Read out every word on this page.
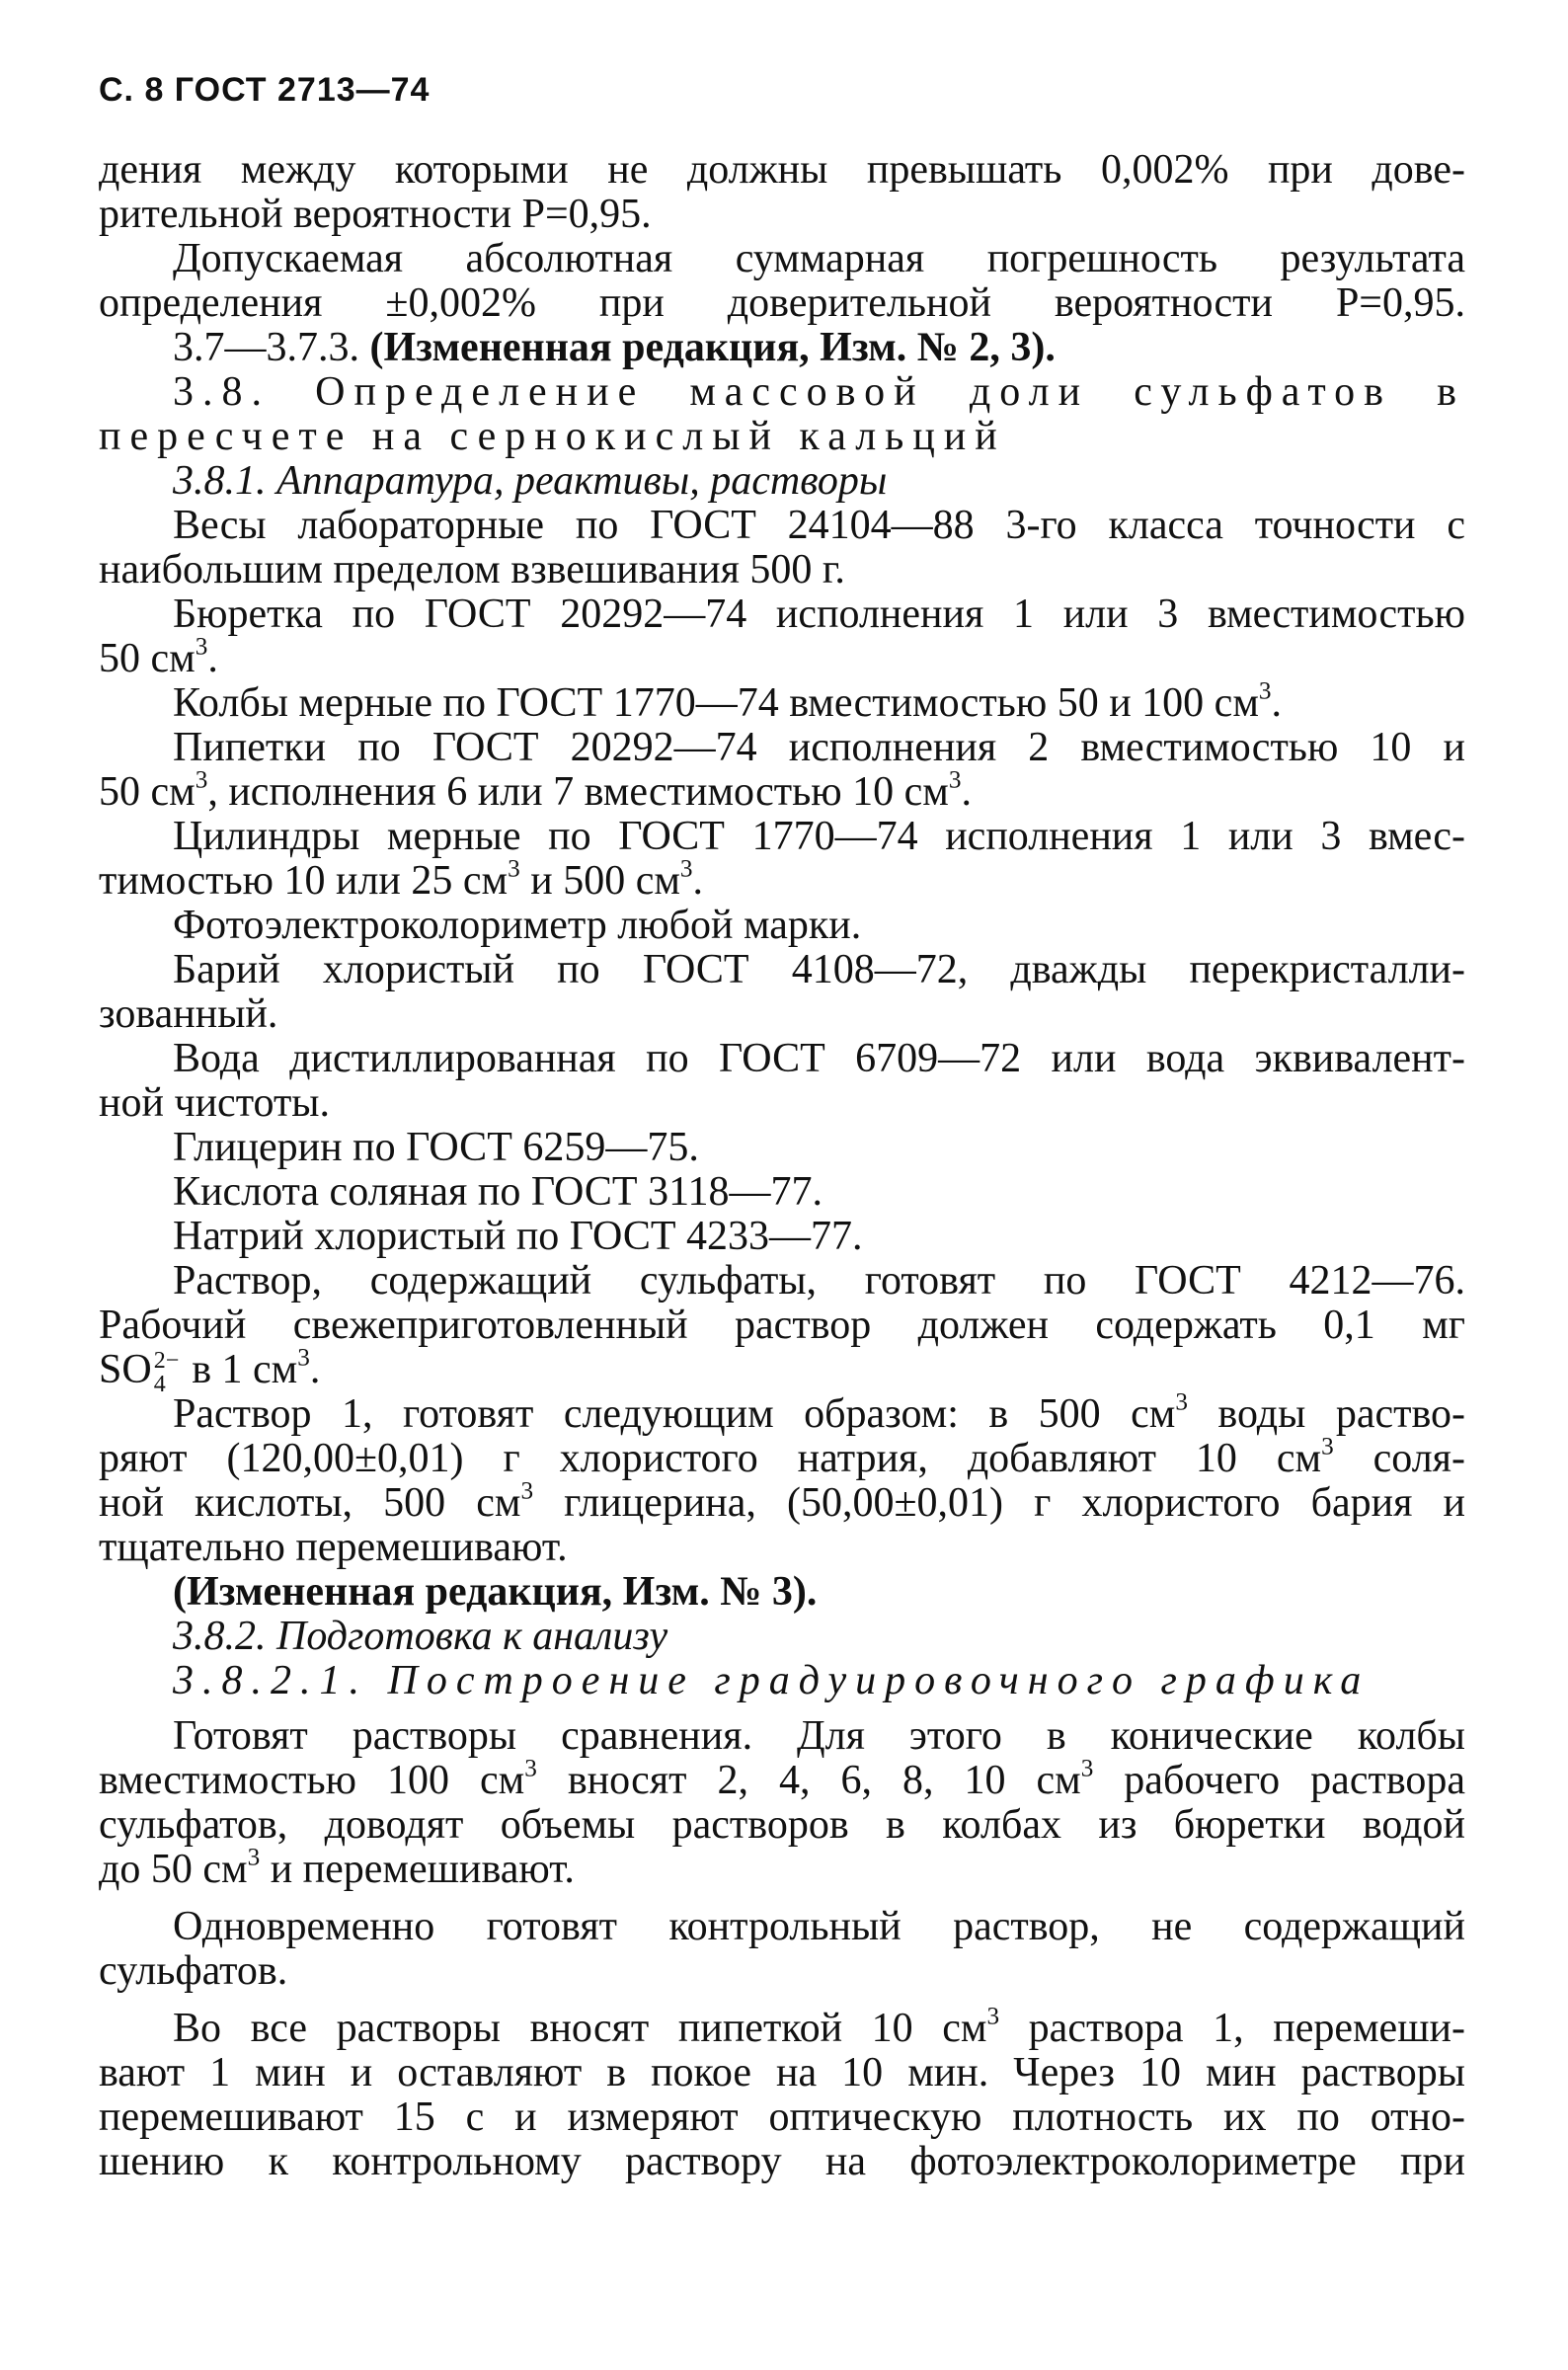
С. 8 ГОСТ 2713—74
дения между которыми не должны превышать 0,002% при дове-
рительной вероятности Р=0,95.
Допускаемая абсолютная суммарная погрешность результата
определения ±0,002% при доверительной вероятности Р=0,95.
3.7—3.7.3. (Измененная редакция, Изм. № 2, 3).
3.8. Определение массовой доли сульфатов в
пересчете на сернокислый кальций
3.8.1. Аппаратура, реактивы, растворы
Весы лабораторные по ГОСТ 24104—88 3-го класса точности с
наибольшим пределом взвешивания 500 г.
Бюретка по ГОСТ 20292—74 исполнения 1 или 3 вместимостью
50 $см^3$.
Колбы мерные по ГОСТ 1770—74 вместимостью 50 и 100 $см^3$.
Пипетки по ГОСТ 20292—74 исполнения 2 вместимостью 10 и
50 $см^3$, исполнения 6 или 7 вместимостью 10 $см^3$.
Цилиндры мерные по ГОСТ 1770—74 исполнения 1 или 3 вмес-
тимостью 10 или 25 $см^3$ и 500 $см^3$.
Фотоэлектроколориметр любой марки.
Барий хлористый по ГОСТ 4108—72, дважды перекристалли-
зованный.
Вода дистиллированная по ГОСТ 6709—72 или вода эквивалент-
ной чистоты.
Глицерин по ГОСТ 6259—75.
Кислота соляная по ГОСТ 3118—77.
Натрий хлористый по ГОСТ 4233—77.
Раствор, содержащий сульфаты, готовят по ГОСТ 4212—76.
Рабочий свежеприготовленный раствор должен содержать 0,1 мг
SO 2−
4 в 1 $см^3$.
Раствор 1, готовят следующим образом: в 500 $см^3$ воды раство-
ряют (120,00±0,01) г хлористого натрия, добавляют 10 $см^3$ соля-
ной кислоты, 500 $см^3$ глицерина, (50,00±0,01) г хлористого бария и
тщательно перемешивают.
(Измененная редакция, Изм. № 3).
3.8.2. Подготовка к анализу
3.8.2.1. Построение градуировочного графика
Готовят растворы сравнения. Для этого в конические колбы
вместимостью 100 $см^3$ вносят 2, 4, 6, 8, 10 $см^3$ рабочего раствора
сульфатов, доводят объемы растворов в колбах из бюретки водой
до 50 $см^3$ и перемешивают.
Одновременно готовят контрольный раствор, не содержащий
сульфатов.
Во все растворы вносят пипеткой 10 $см^3$ раствора 1, перемеши-
вают 1 мин и оставляют в покое на 10 мин. Через 10 мин растворы
перемешивают 15 с и измеряют оптическую плотность их по отно-
шению к контрольному раствору на фотоэлектроколориметре при
